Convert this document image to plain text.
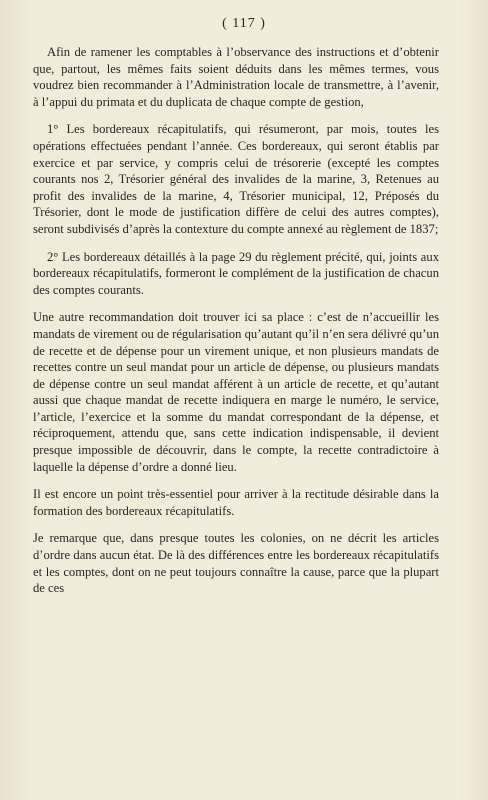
( 117 )

Afin de ramener les comptables à l’observance des instructions et d’obtenir que, partout, les mêmes faits soient déduits dans les mêmes termes, vous voudrez bien recommander à l’Administration locale de transmettre, à l’avenir, à l’appui du primata et du duplicata de chaque compte de gestion,

1° Les bordereaux récapitulatifs, qui résumeront, par mois, toutes les opérations effectuées pendant l’année. Ces bordereaux, qui seront établis par exercice et par service, y compris celui de trésorerie (excepté les comptes courants nos 2, Trésorier général des invalides de la marine, 3, Retenues au profit des invalides de la marine, 4, Trésorier municipal, 12, Préposés du Trésorier, dont le mode de justification diffère de celui des autres comptes), seront subdivisés d’après la contexture du compte annexé au règlement de 1837;

2° Les bordereaux détaillés à la page 29 du règlement précité, qui, joints aux bordereaux récapitulatifs, formeront le complément de la justification de chacun des comptes courants.

Une autre recommandation doit trouver ici sa place : c’est de n’accueillir les mandats de virement ou de régularisation qu’autant qu’il n’en sera délivré qu’un de recette et de dépense pour un virement unique, et non plusieurs mandats de recettes contre un seul mandat pour un article de dépense, ou plusieurs mandats de dépense contre un seul mandat afférent à un article de recette, et qu’autant aussi que chaque mandat de recette indiquera en marge le numéro, le service, l’article, l’exercice et la somme du mandat correspondant de la dépense, et réciproquement, attendu que, sans cette indication indispensable, il devient presque impossible de découvrir, dans le compte, la recette contradictoire à laquelle la dépense d’ordre a donné lieu.

Il est encore un point très-essentiel pour arriver à la rectitude désirable dans la formation des bordereaux récapitulatifs.

Je remarque que, dans presque toutes les colonies, on ne décrit les articles d’ordre dans aucun état. De là des différences entre les bordereaux récapitulatifs et les comptes, dont on ne peut toujours connaître la cause, parce que la plupart de ces
